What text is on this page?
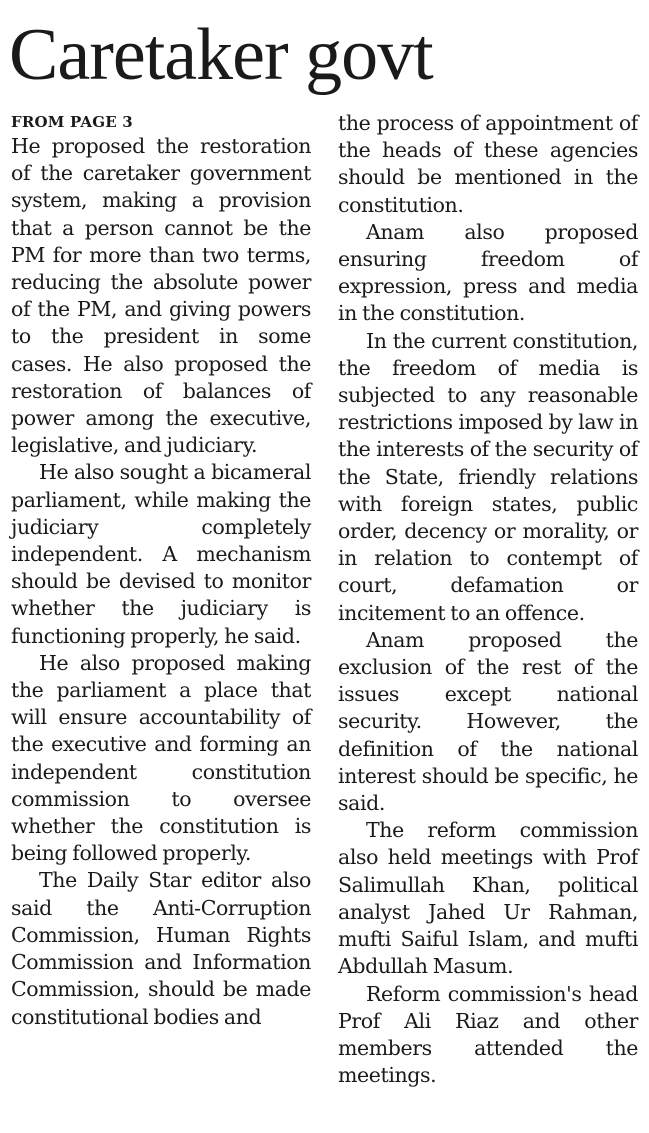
Caretaker govt
FROM PAGE 3

He proposed the restoration of the caretaker government system, making a provision that a person cannot be the PM for more than two terms, reducing the absolute power of the PM, and giving powers to the president in some cases. He also proposed the restoration of balances of power among the executive, legislative, and judiciary.

He also sought a bicameral parliament, while making the judiciary completely independent. A mechanism should be devised to monitor whether the judiciary is functioning properly, he said.

He also proposed making the parliament a place that will ensure accountability of the executive and forming an independent constitution commission to oversee whether the constitution is being followed properly.

The Daily Star editor also said the Anti-Corruption Commission, Human Rights Commission and Information Commission, should be made constitutional bodies and

the process of appointment of the heads of these agencies should be mentioned in the constitution.

Anam also proposed ensuring freedom of expression, press and media in the constitution.

In the current constitution, the freedom of media is subjected to any reasonable restrictions imposed by law in the interests of the security of the State, friendly relations with foreign states, public order, decency or morality, or in relation to contempt of court, defamation or incitement to an offence.

Anam proposed the exclusion of the rest of the issues except national security. However, the definition of the national interest should be specific, he said.

The reform commission also held meetings with Prof Salimullah Khan, political analyst Jahed Ur Rahman, mufti Saiful Islam, and mufti Abdullah Masum.

Reform commission's head Prof Ali Riaz and other members attended the meetings.
